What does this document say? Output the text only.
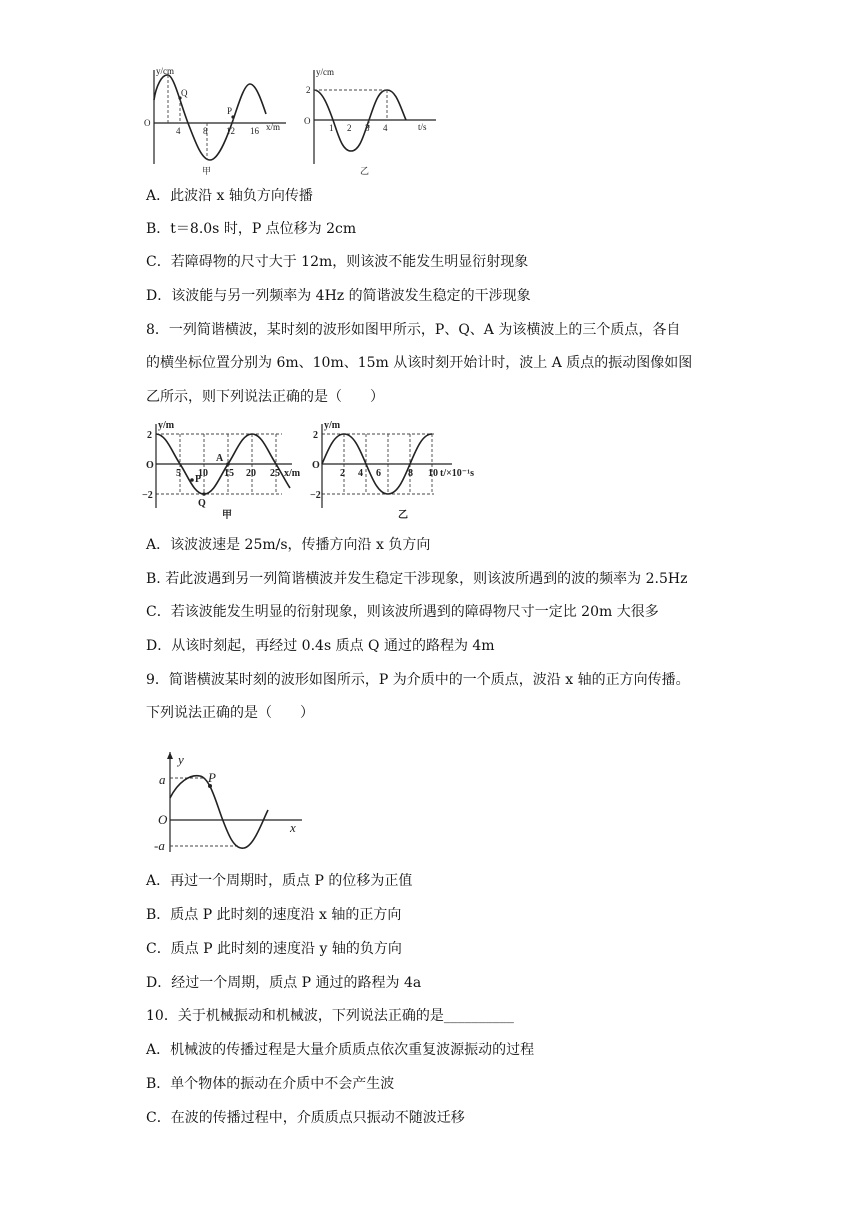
y/cm
x/m
O
4	8 12 16
Q
P
甲
y/cm
t/s
O
2
1 2 3 4
乙
A．此波沿 x 轴负方向传播
B．t＝8.0s 时，P 点位移为 2cm
C．若障碍物的尺寸大于 12m，则该波不能发生明显衍射现象
D．该波能与另一列频率为 4Hz 的简谐波发生稳定的干涉现象
8．一列简谐横波，某时刻的波形如图甲所示，P、Q、A 为该横波上的三个质点，各自
的横坐标位置分别为 6m、10m、15m 从该时刻开始计时，波上 A 质点的振动图像如图
乙所示，则下列说法正确的是（　　）
y/m
x/m
O
2
−2
5 10 15 20 25
P
Q
A
甲
y/m
t/×10⁻¹s
O
2
−2
2 4 6	8 10
乙
A．该波波速是 25m/s，传播方向沿 x 负方向
B. 若此波遇到另一列简谐横波并发生稳定干涉现象，则该波所遇到的波的频率为 2.5Hz
C．若该波能发生明显的衍射现象，则该波所遇到的障碍物尺寸一定比 20m 大很多
D．从该时刻起，再经过 0.4s 质点 Q 通过的路程为 4m
9．简谐横波某时刻的波形如图所示，P 为介质中的一个质点，波沿 x 轴的正方向传播。
下列说法正确的是（　　）
y
x
O
a
-a
P
A．再过一个周期时，质点 P 的位移为正值
B．质点 P 此时刻的速度沿 x 轴的正方向
C．质点 P 此时刻的速度沿 y 轴的负方向
D．经过一个周期，质点 P 通过的路程为 4a
10．关于机械振动和机械波，下列说法正确的是__________
A．机械波的传播过程是大量介质质点依次重复波源振动的过程
B．单个物体的振动在介质中不会产生波
C．在波的传播过程中，介质质点只振动不随波迁移
